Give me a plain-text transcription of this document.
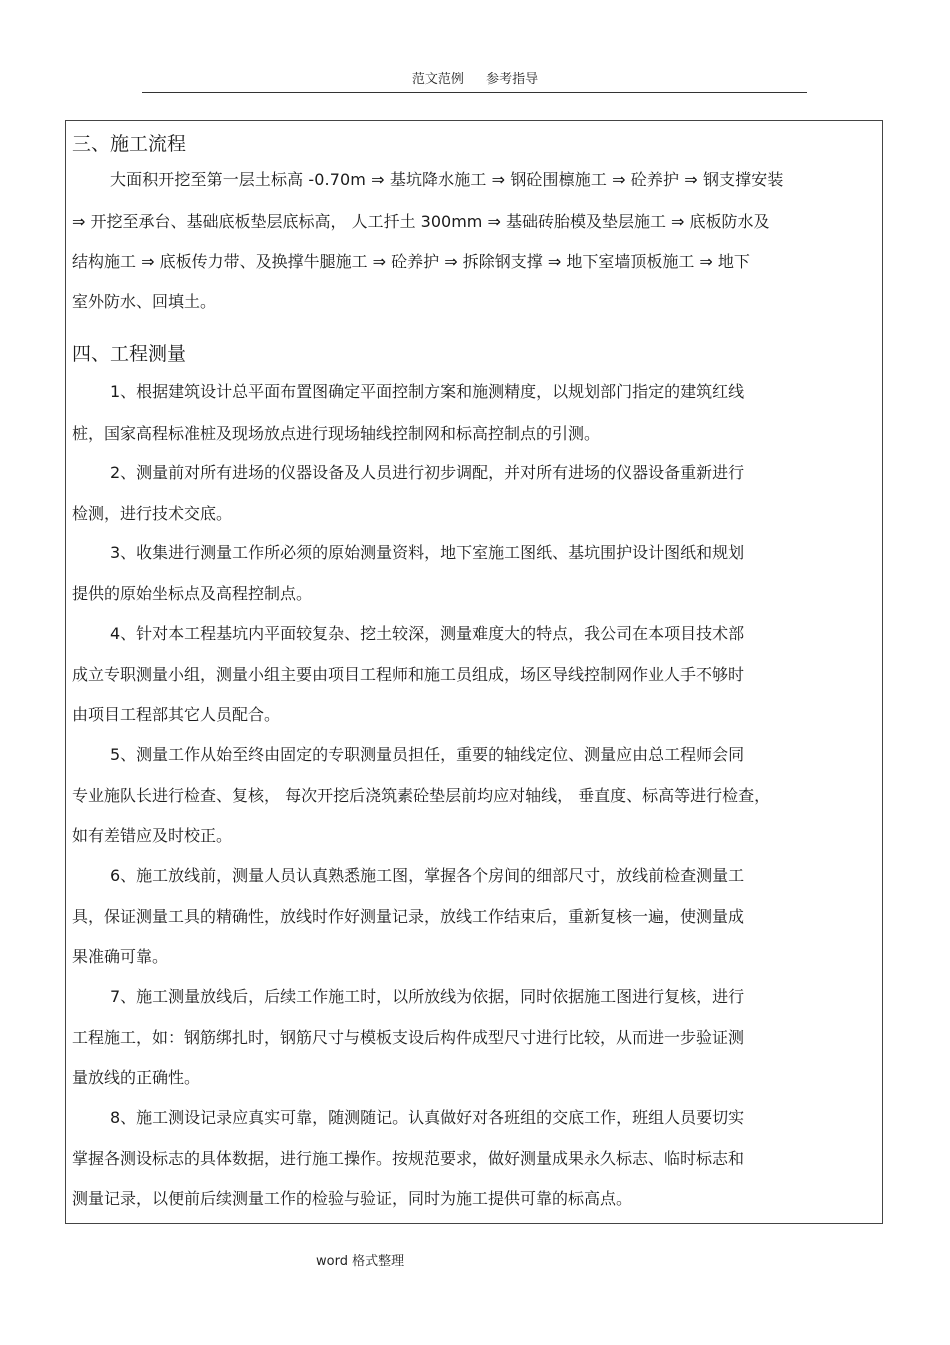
范文范例 参考指导
三、施工流程
大面积开挖至第一层土标高 -0.70m ⇒ 基坑降水施工 ⇒ 钢砼围檩施工 ⇒ 砼养护 ⇒ 钢支撑安装
⇒ 开挖至承台、基础底板垫层底标高， 人工扦土 300mm ⇒ 基础砖胎模及垫层施工 ⇒ 底板防水及
结构施工 ⇒ 底板传力带、及换撑牛腿施工 ⇒ 砼养护 ⇒ 拆除钢支撑 ⇒ 地下室墙顶板施工 ⇒ 地下
室外防水、回填土。
四、工程测量
1、根据建筑设计总平面布置图确定平面控制方案和施测精度，以规划部门指定的建筑红线
桩，国家高程标准桩及现场放点进行现场轴线控制网和标高控制点的引测。
2、测量前对所有进场的仪器设备及人员进行初步调配，并对所有进场的仪器设备重新进行
检测，进行技术交底。
3、收集进行测量工作所必须的原始测量资料，地下室施工图纸、基坑围护设计图纸和规划
提供的原始坐标点及高程控制点。
4、针对本工程基坑内平面较复杂、挖土较深，测量难度大的特点，我公司在本项目技术部
成立专职测量小组，测量小组主要由项目工程师和施工员组成，场区导线控制网作业人手不够时
由项目工程部其它人员配合。
5、测量工作从始至终由固定的专职测量员担任，重要的轴线定位、测量应由总工程师会同
专业施队长进行检查、复核， 每次开挖后浇筑素砼垫层前均应对轴线， 垂直度、标高等进行检查，
如有差错应及时校正。
6、施工放线前，测量人员认真熟悉施工图，掌握各个房间的细部尺寸，放线前检查测量工
具，保证测量工具的精确性，放线时作好测量记录，放线工作结束后，重新复核一遍，使测量成
果准确可靠。
7、施工测量放线后，后续工作施工时，以所放线为依据，同时依据施工图进行复核，进行
工程施工，如：钢筋绑扎时，钢筋尺寸与模板支设后构件成型尺寸进行比较，从而进一步验证测
量放线的正确性。
8、施工测设记录应真实可靠，随测随记。认真做好对各班组的交底工作，班组人员要切实
掌握各测设标志的具体数据，进行施工操作。按规范要求，做好测量成果永久标志、临时标志和
测量记录，以便前后续测量工作的检验与验证，同时为施工提供可靠的标高点。
word 格式整理
